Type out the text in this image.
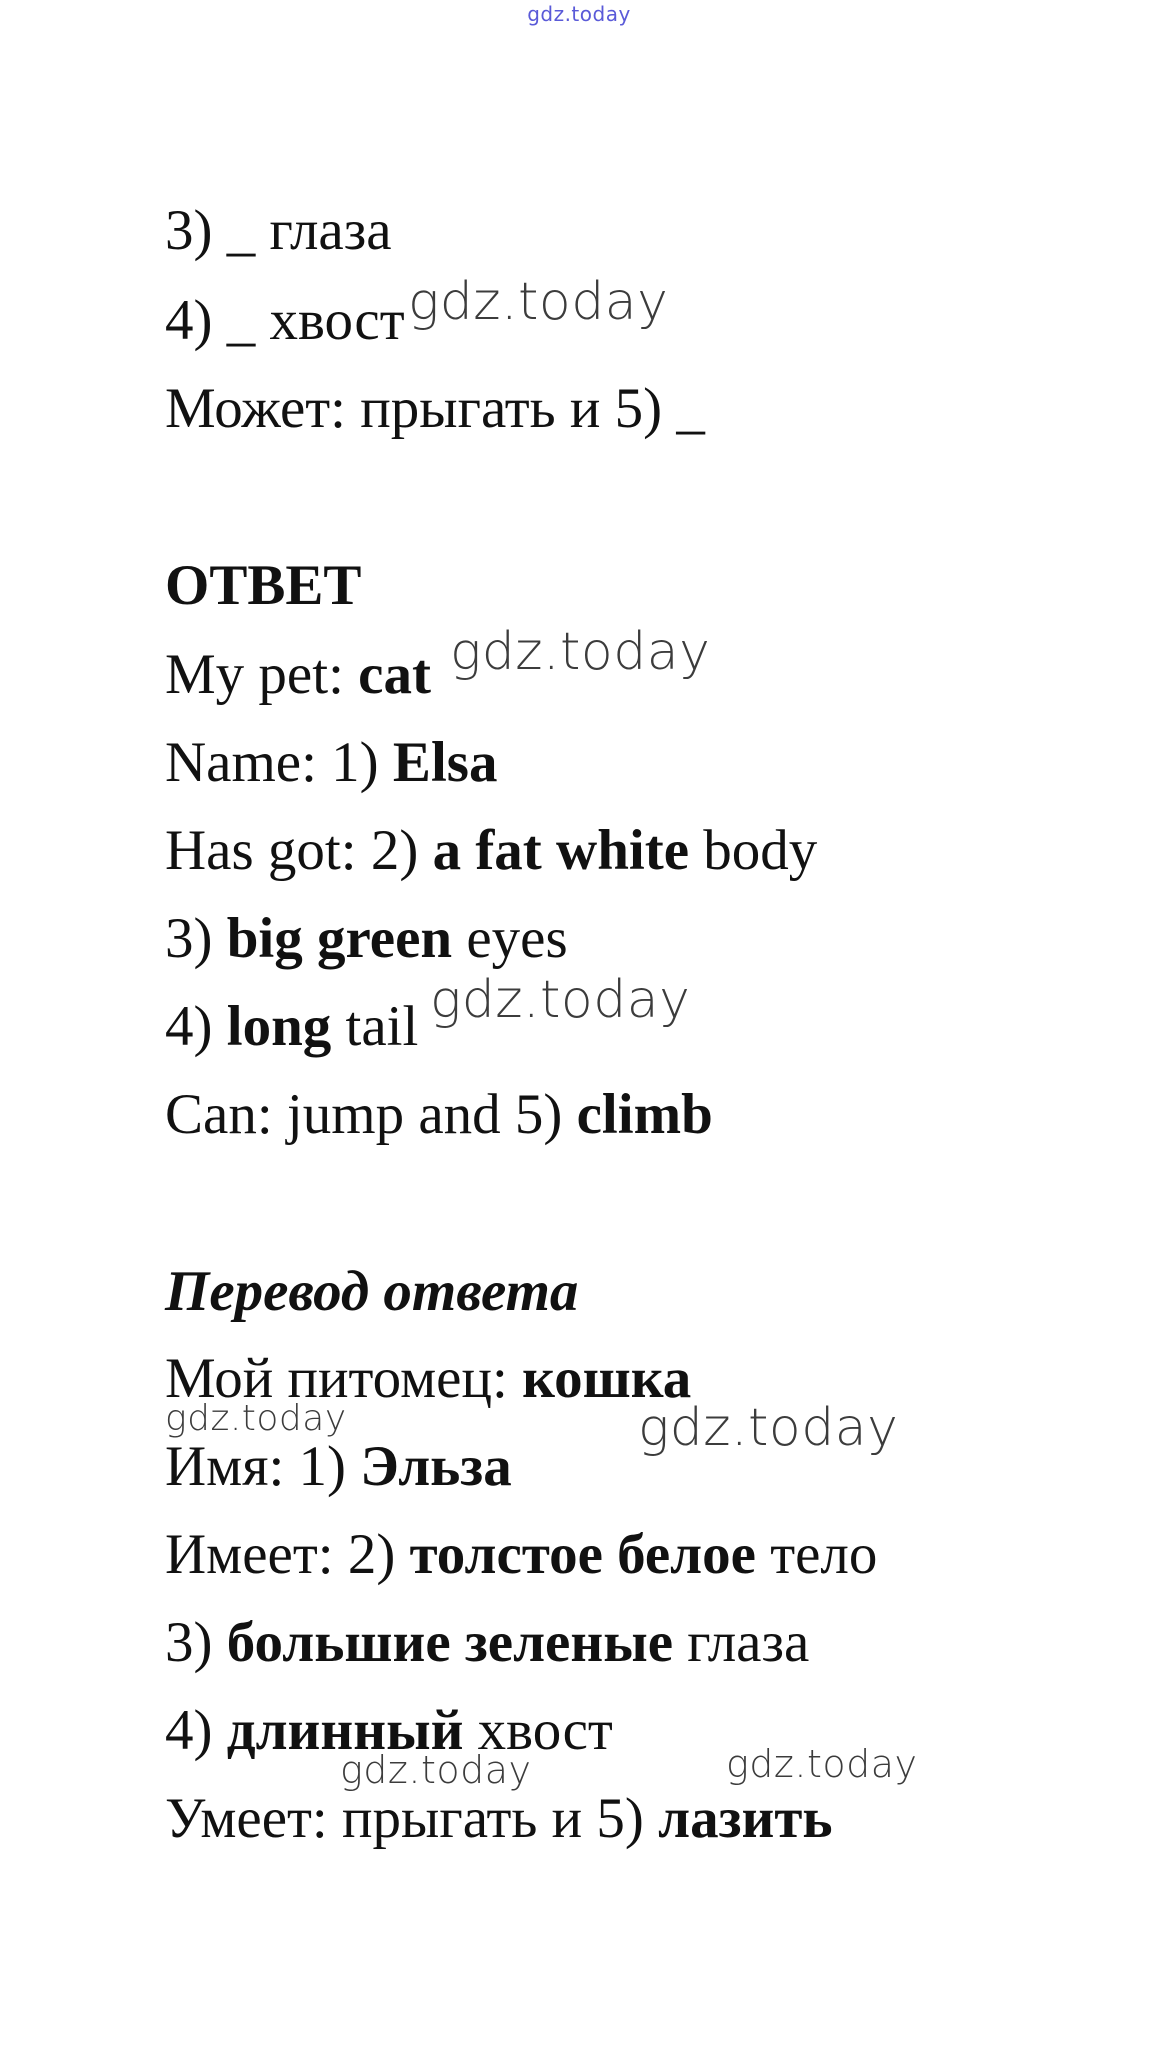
gdz.today
3) _ глаза
4) _ хвост
Может: прыгать и 5) _
ОТВЕТ
My pet: cat
Name: 1) Elsa
Has got: 2) a fat white body
3) big green eyes
4) long tail
Can: jump and 5) climb
Перевод ответа
Мой питомец: кошка
Имя: 1) Эльза
Имеет: 2) толстое белое тело
3) большие зеленые глаза
4) длинный хвост
Умеет: прыгать и 5) лазить
gdz.today
gdz.today
gdz.today
gdz.today	gdz.today
gdz.today	gdz.today
